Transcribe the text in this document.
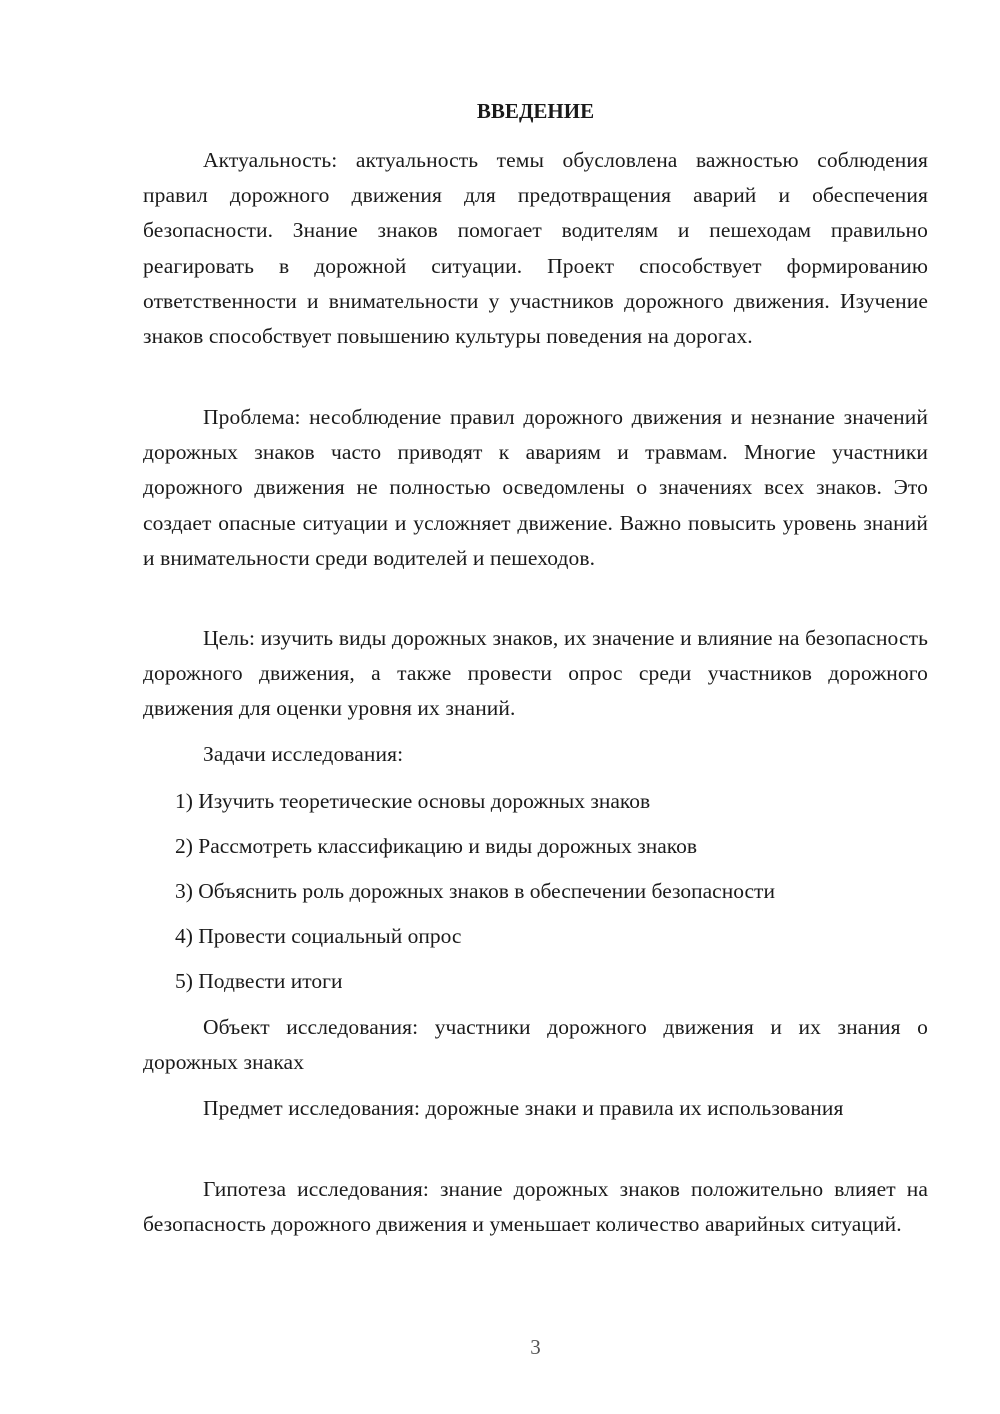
ВВЕДЕНИЕ

Актуальность: актуальность темы обусловлена важностью соблюдения правил дорожного движения для предотвращения аварий и обеспечения безопасности. Знание знаков помогает водителям и пешеходам правильно реагировать в дорожной ситуации. Проект способствует формированию ответственности и внимательности у участников дорожного движения. Изучение знаков способствует повышению культуры поведения на дорогах.

Проблема: несоблюдение правил дорожного движения и незнание значений дорожных знаков часто приводят к авариям и травмам. Многие участники дорожного движения не полностью осведомлены о значениях всех знаков. Это создает опасные ситуации и усложняет движение. Важно повысить уровень знаний и внимательности среди водителей и пешеходов.

Цель: изучить виды дорожных знаков, их значение и влияние на безопасность дорожного движения, а также провести опрос среди участников дорожного движения для оценки уровня их знаний.

Задачи исследования:

1) Изучить теоретические основы дорожных знаков

2) Рассмотреть классификацию и виды дорожных знаков

3) Объяснить роль дорожных знаков в обеспечении безопасности

4) Провести социальный опрос

5) Подвести итоги

Объект исследования: участники дорожного движения и их знания о дорожных знаках

Предмет исследования: дорожные знаки и правила их использования

Гипотеза исследования: знание дорожных знаков положительно влияет на безопасность дорожного движения и уменьшает количество аварийных ситуаций.

3
